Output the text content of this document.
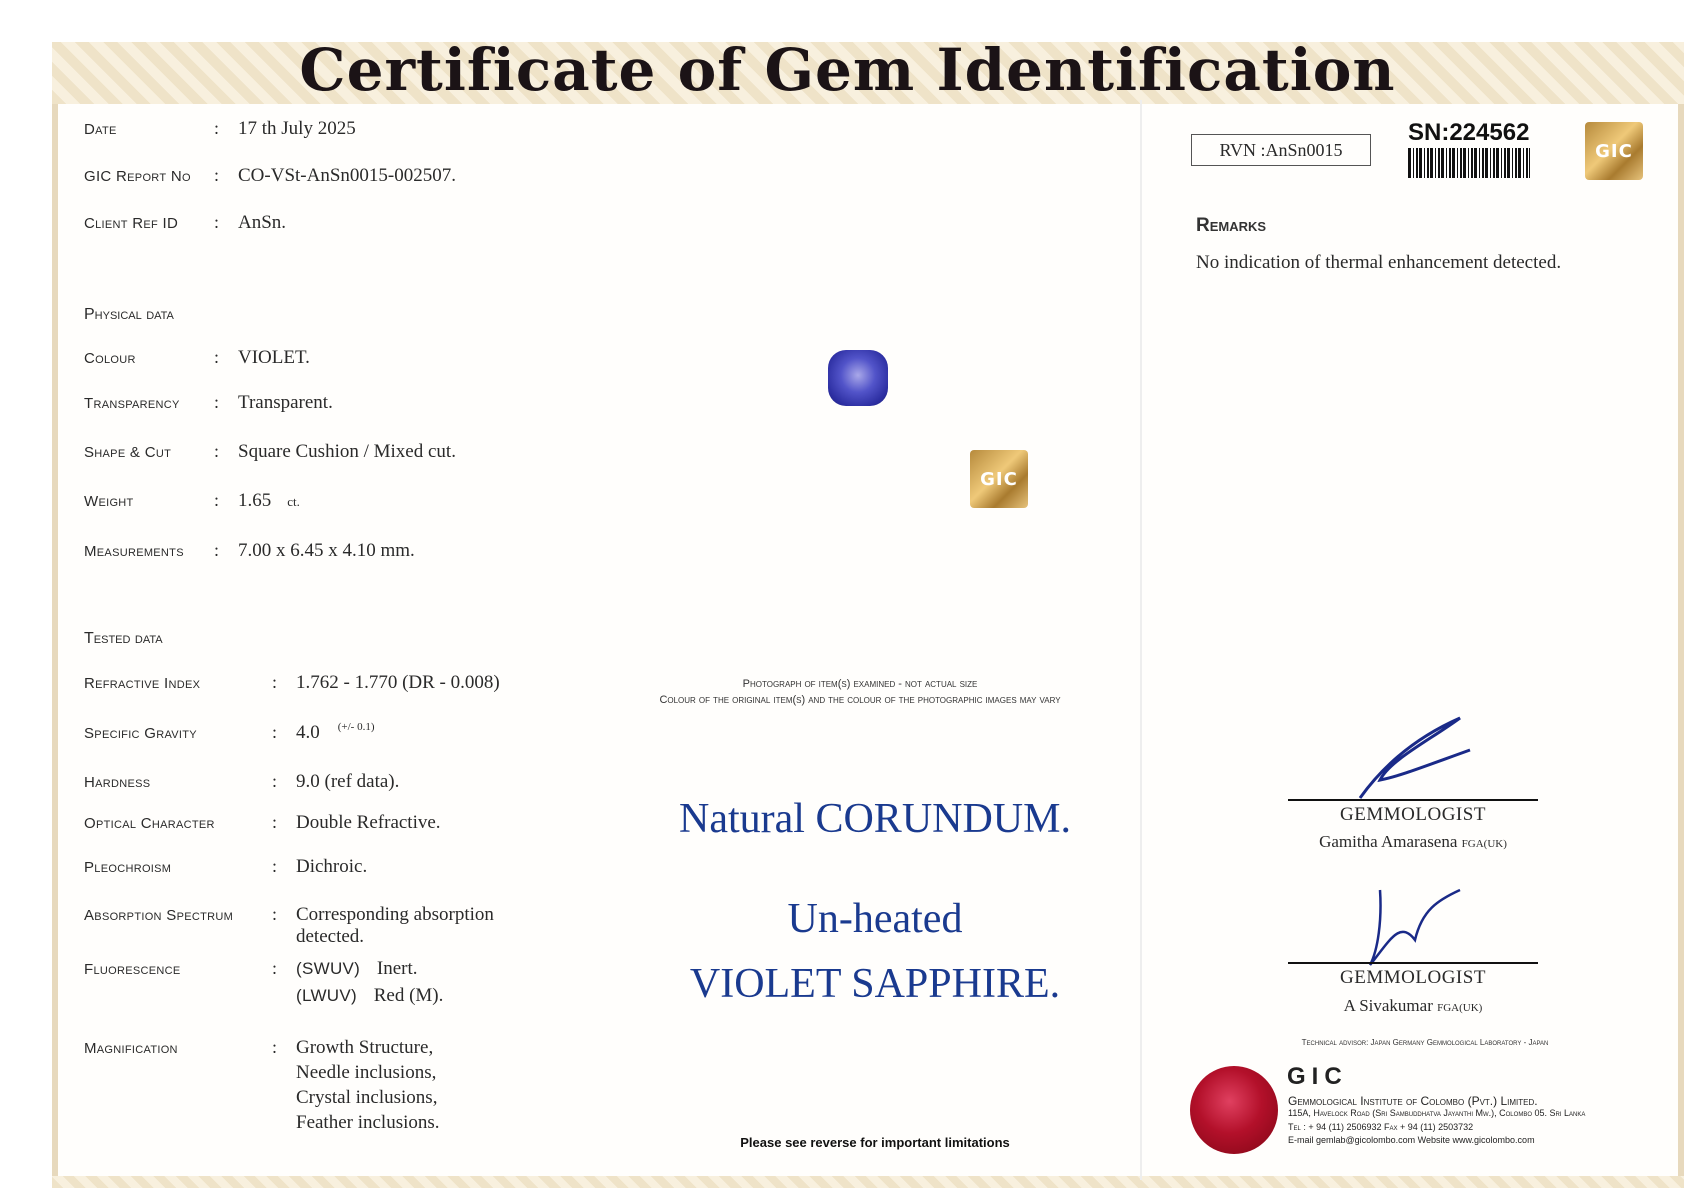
Certificate of Gem Identification
Date	: 17 th July 2025
GIC Report No	: CO-VSt-AnSn0015-002507.
Client Ref ID	: AnSn.
Physical data
Colour	: VIOLET.
Transparency	: Transparent.
Shape & Cut	: Square Cushion / Mixed cut.
Weight	: 1.65 ct.
Measurements	: 7.00 x 6.45 x 4.10 mm.
Tested data
Refractive Index	: 1.762 - 1.770 (DR - 0.008)
Specific Gravity	: 4.0 (+/- 0.1)
Hardness	: 9.0 (ref data).
Optical Character	: Double Refractive.
Pleochroism	: Dichroic.
Absorption Spectrum	: Corresponding absorption
detected.
Fluorescence	:	(SWUV) Inert.
(LWUV) Red (M).
Magnification	: Growth Structure,
Needle inclusions,
Crystal inclusions,
Feather inclusions.
GIC
Photograph of item(s) examined - not actual size
Colour of the original item(s) and the colour of the photographic images may vary
Natural CORUNDUM.
Un-heated
VIOLET SAPPHIRE.
Please see reverse for important limitations
RVN :AnSn0015
SN:224562
GIC
Remarks
No indication of thermal enhancement detected.
GEMMOLOGIST
Gamitha Amarasena FGA(UK)
GEMMOLOGIST
A Sivakumar FGA(UK)
Technical advisor: Japan Germany Gemmological Laboratory - Japan
GIC
Gemmological Institute of Colombo (Pvt.) Limited.
115A, Havelock Road (Sri Sambuddhatva Jayanthi Mw.), Colombo 05. Sri Lanka
Tel : + 94 (11) 2506932 Fax + 94 (11) 2503732
E-mail gemlab@gicolombo.com Website www.gicolombo.com
